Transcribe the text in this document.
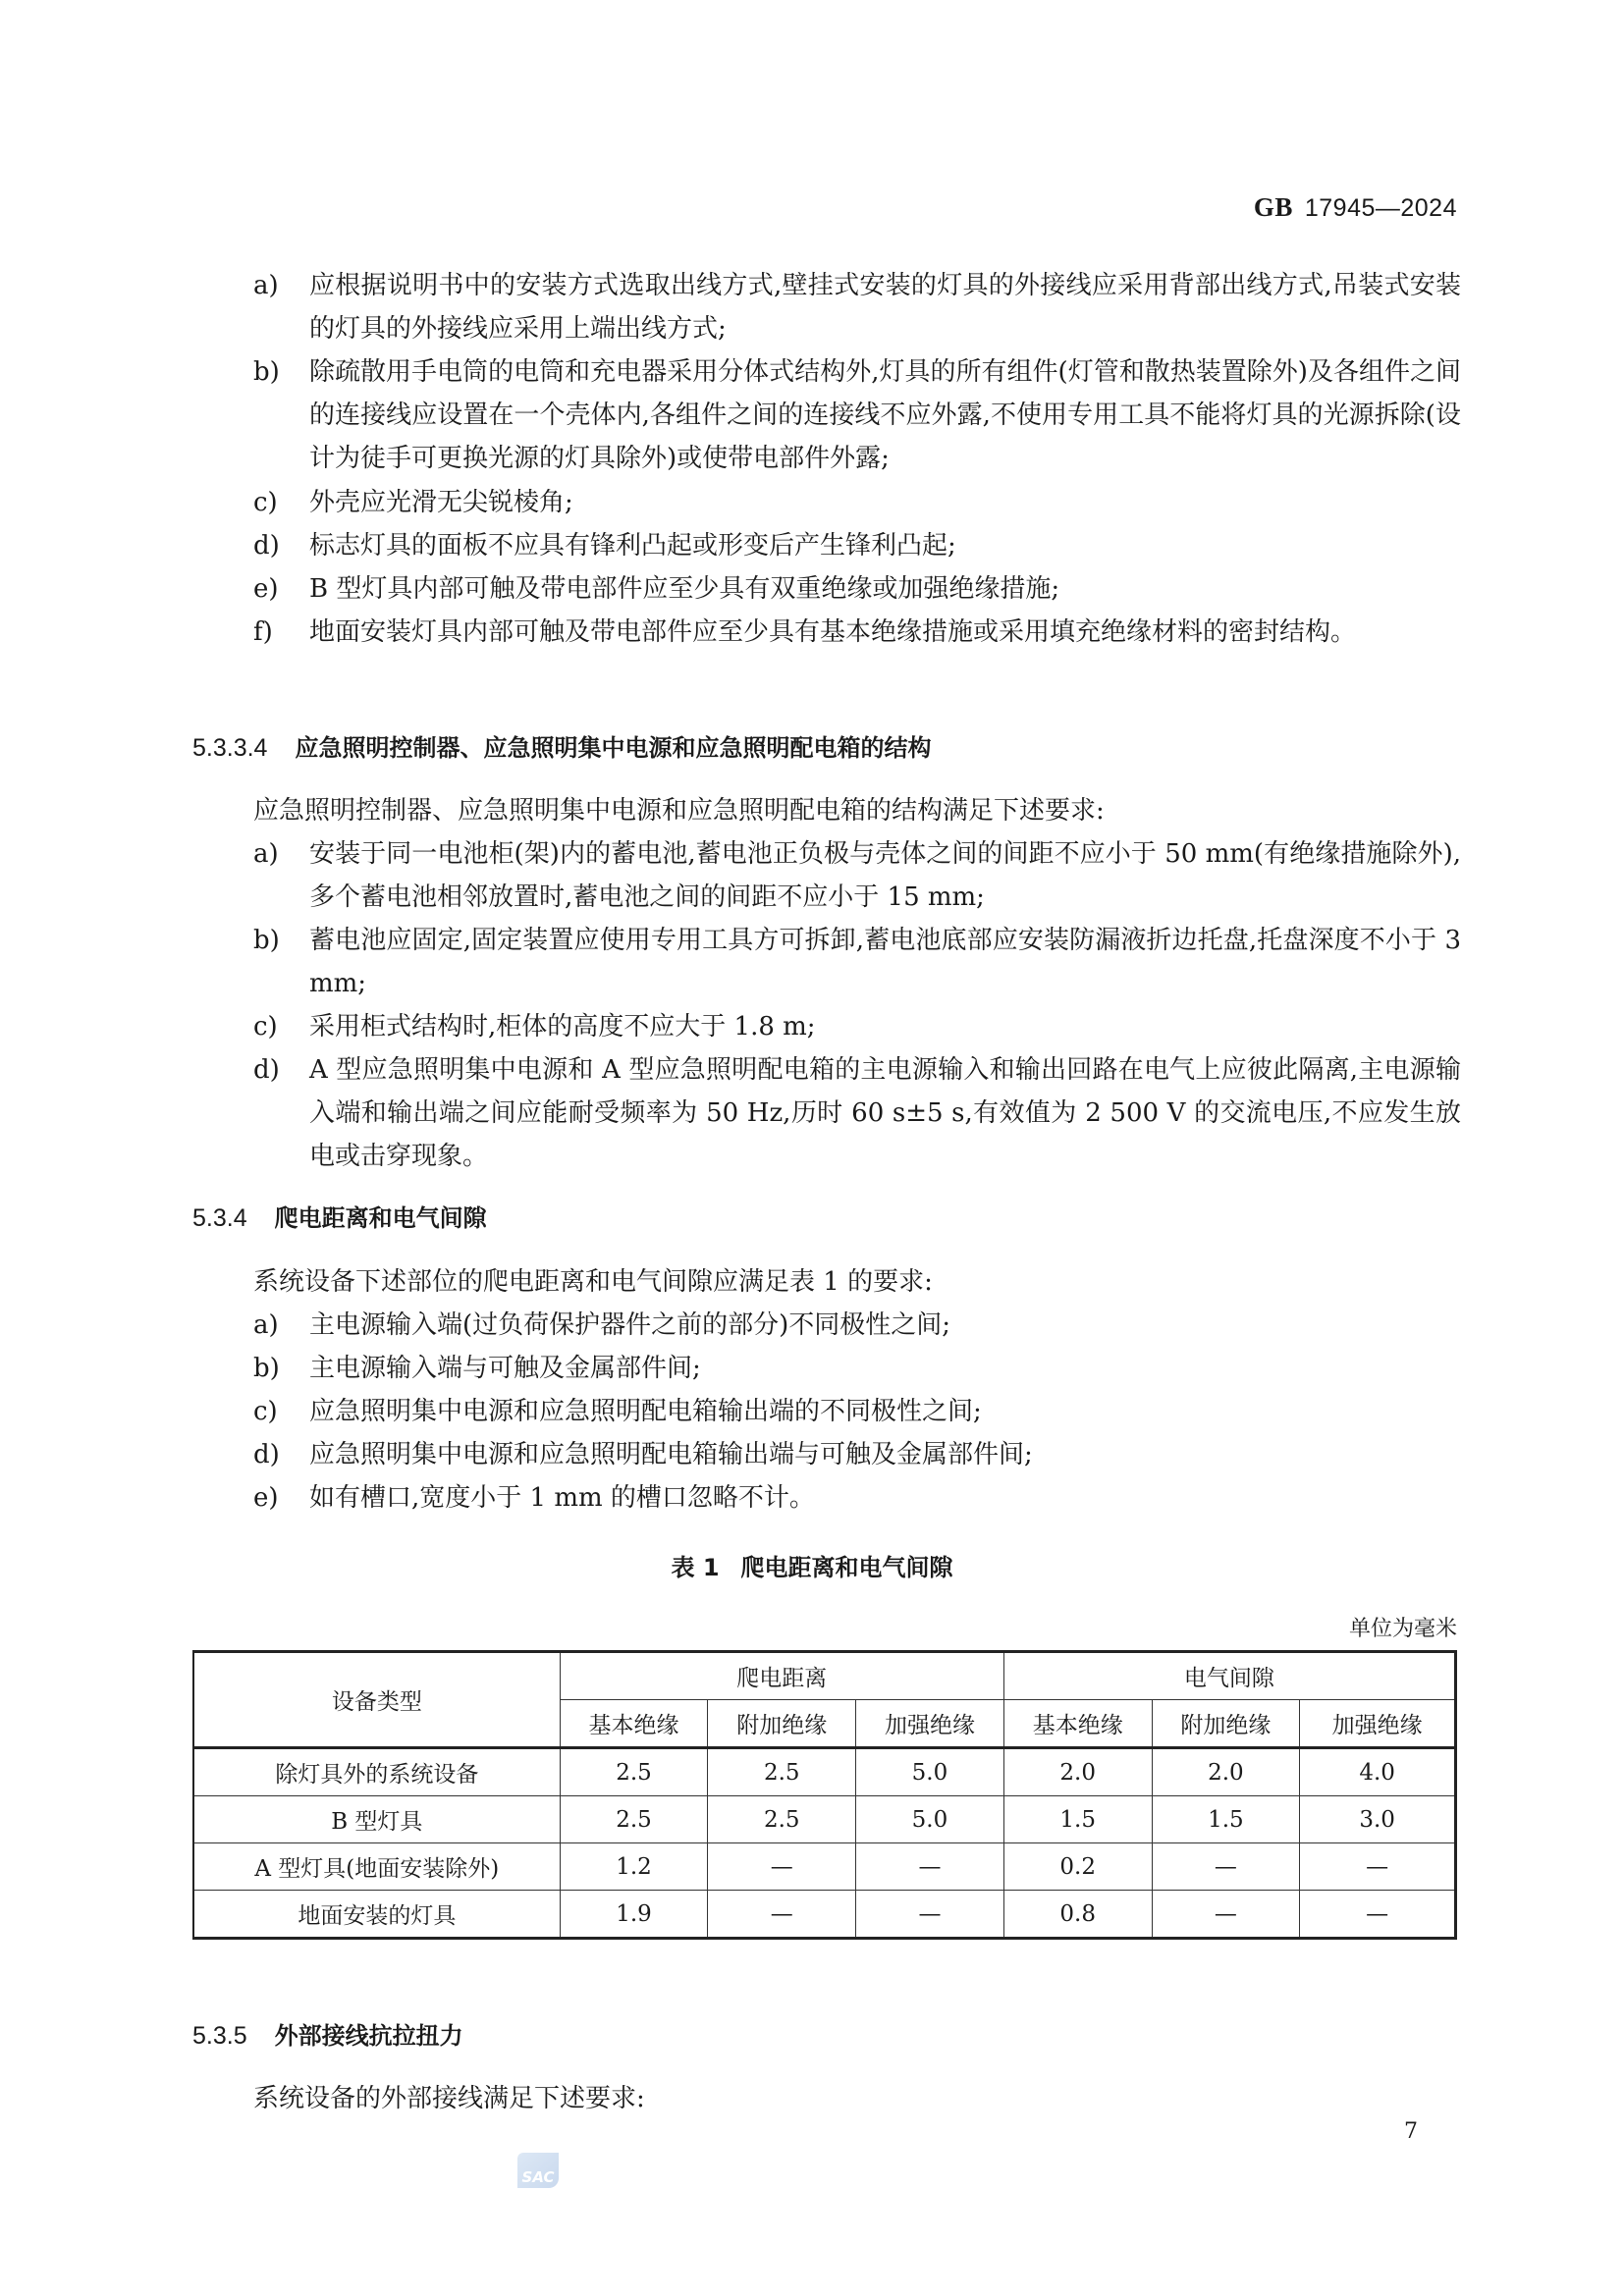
GB 17945—2024
a)	应根据说明书中的安装方式选取出线方式,壁挂式安装的灯具的外接线应采用背部出线方式,吊装式安装的灯具的外接线应采用上端出线方式;
b)	除疏散用手电筒的电筒和充电器采用分体式结构外,灯具的所有组件(灯管和散热装置除外)及各组件之间的连接线应设置在一个壳体内,各组件之间的连接线不应外露,不使用专用工具不能将灯具的光源拆除(设计为徒手可更换光源的灯具除外)或使带电部件外露;
c)	外壳应光滑无尖锐棱角;
d)	标志灯具的面板不应具有锋利凸起或形变后产生锋利凸起;
e)	B 型灯具内部可触及带电部件应至少具有双重绝缘或加强绝缘措施;
f)	地面安装灯具内部可触及带电部件应至少具有基本绝缘措施或采用填充绝缘材料的密封结构。
5.3.3.4 应急照明控制器、应急照明集中电源和应急照明配电箱的结构
应急照明控制器、应急照明集中电源和应急照明配电箱的结构满足下述要求:
a)	安装于同一电池柜(架)内的蓄电池,蓄电池正负极与壳体之间的间距不应小于 50 mm(有绝缘措施除外),多个蓄电池相邻放置时,蓄电池之间的间距不应小于 15 mm;
b)	蓄电池应固定,固定装置应使用专用工具方可拆卸,蓄电池底部应安装防漏液折边托盘,托盘深度不小于 3 mm;
c)	采用柜式结构时,柜体的高度不应大于 1.8 m;
d)	A 型应急照明集中电源和 A 型应急照明配电箱的主电源输入和输出回路在电气上应彼此隔离,主电源输入端和输出端之间应能耐受频率为 50 Hz,历时 60 s±5 s,有效值为 2 500 V 的交流电压,不应发生放电或击穿现象。
5.3.4 爬电距离和电气间隙
系统设备下述部位的爬电距离和电气间隙应满足表 1 的要求:
a)	主电源输入端(过负荷保护器件之前的部分)不同极性之间;
b)	主电源输入端与可触及金属部件间;
c)	应急照明集中电源和应急照明配电箱输出端的不同极性之间;
d)	应急照明集中电源和应急照明配电箱输出端与可触及金属部件间;
e)	如有槽口,宽度小于 1 mm 的槽口忽略不计。
表 1 爬电距离和电气间隙
单位为毫米
设备类型	爬电距离			电气间隙		
	基本绝缘	附加绝缘	加强绝缘	基本绝缘	附加绝缘	加强绝缘
除灯具外的系统设备	2.5	2.5	5.0	2.0	2.0	4.0
B 型灯具	2.5	2.5	5.0	1.5	1.5	3.0
A 型灯具(地面安装除外)	1.2	—	—	0.2	—	—
地面安装的灯具	1.9	—	—	0.8	—	—
5.3.5 外部接线抗拉扭力
系统设备的外部接线满足下述要求:
7
SAC
